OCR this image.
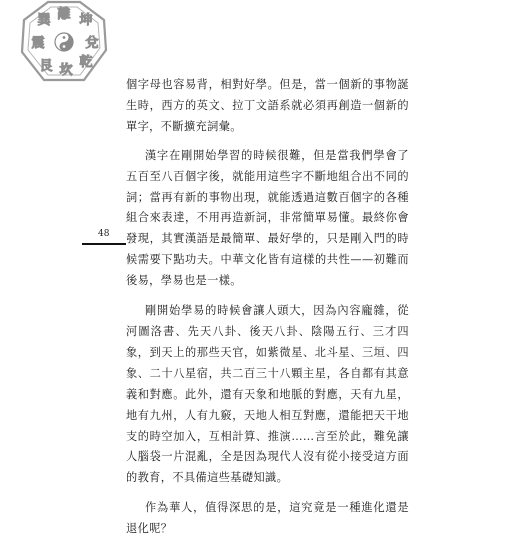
巽 離 坤
震	兌
艮 坎
乾
48

個字母也容易背，相對好學。但是，當一個新的事物誕生時，西方的英文、拉丁文語系就必須再創造一個新的單字，不斷擴充詞彙。

漢字在剛開始學習的時候很難，但是當我們學會了五百至八百個字後，就能用這些字不斷地組合出不同的詞；當再有新的事物出現，就能透過這數百個字的各種組合來表達，不用再造新詞，非常簡單易懂。最終你會發現，其實漢語是最簡單、最好學的，只是剛入門的時候需要下點功夫。中華文化皆有這樣的共性——初難而後易，學易也是一樣。

剛開始學易的時候會讓人頭大，因為內容龐雜，從河圖洛書、先天八卦、後天八卦、陰陽五行、三才四象，到天上的那些天官，如紫微星、北斗星、三垣、四象、二十八星宿，共二百三十八顆主星，各自都有其意義和對應。此外，還有天象和地脈的對應，天有九星，地有九州，人有九竅，天地人相互對應，還能把天干地支的時空加入，互相計算、推演……言至於此，難免讓人腦袋一片混亂，全是因為現代人沒有從小接受這方面的教育，不具備這些基礎知識。

作為華人，值得深思的是，這究竟是一種進化還是退化呢？
